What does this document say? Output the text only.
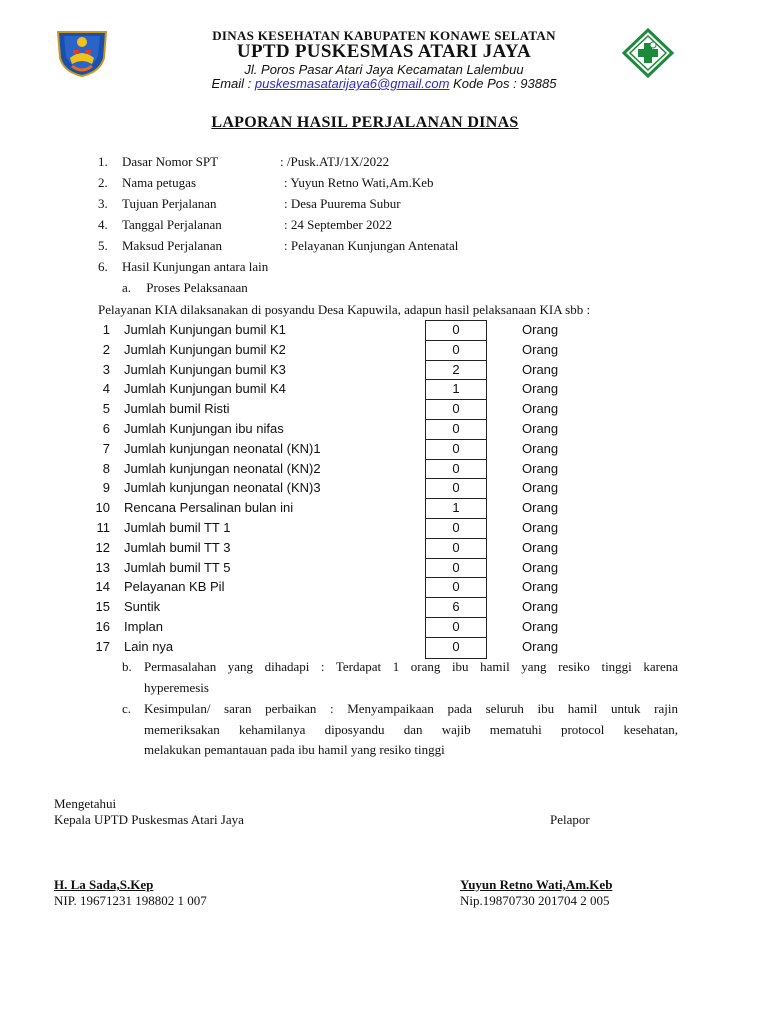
DINAS KESEHATAN KABUPATEN KONAWE SELATAN
UPTD PUSKESMAS ATARI JAYA
Jl. Poros Pasar Atari Jaya Kecamatan Lalembuu
Email : puskesmasatarijaya6@gmail.com Kode Pos : 93885
LAPORAN HASIL PERJALANAN DINAS
1.	Dasar Nomor SPT	: /Pusk.ATJ/1X/2022
2.	Nama petugas	: Yuyun Retno Wati,Am.Keb
3.	Tujuan Perjalanan	: Desa Puurema Subur
4.	Tanggal Perjalanan	: 24 September 2022
5.	Maksud Perjalanan	: Pelayanan Kunjungan Antenatal
6.	Hasil Kunjungan antara lain
a. Proses Pelaksanaan
Pelayanan KIA dilaksanakan di posyandu Desa Kapuwila, adapun hasil pelaksanaan KIA sbb :
1 Jumlah Kunjungan bumil K1	0	Orang
2 Jumlah Kunjungan bumil K2	0	Orang
3 Jumlah Kunjungan bumil K3	2	Orang
4 Jumlah Kunjungan bumil K4	1	Orang
5 Jumlah bumil Risti	0	Orang
6 Jumlah Kunjungan ibu nifas	0	Orang
7 Jumlah kunjungan neonatal (KN)1	0	Orang
8 Jumlah kunjungan neonatal (KN)2	0	Orang
9 Jumlah kunjungan neonatal (KN)3	0	Orang
10 Rencana Persalinan bulan ini	1	Orang
11 Jumlah bumil TT 1	0	Orang
12 Jumlah bumil TT 3	0	Orang
13 Jumlah bumil TT 5	0	Orang
14 Pelayanan KB Pil	0	Orang
15 Suntik	6	Orang
16 Implan	0	Orang
17 Lain nya	0	Orang
b. Permasalahan yang dihadapi : Terdapat 1 orang ibu hamil yang resiko tinggi karena
hyperemesis
c. Kesimpulan/ saran perbaikan : Menyampaikaan pada seluruh ibu hamil untuk rajin
memeriksakan kehamilanya diposyandu dan wajib mematuhi protocol kesehatan,
melakukan pemantauan pada ibu hamil yang resiko tinggi
Mengetahui
Kepala UPTD Puskesmas Atari Jaya	Pelapor
H. La Sada,S.Kep
NIP. 19671231 198802 1 007
Yuyun Retno Wati,Am.Keb
Nip.19870730 201704 2 005
